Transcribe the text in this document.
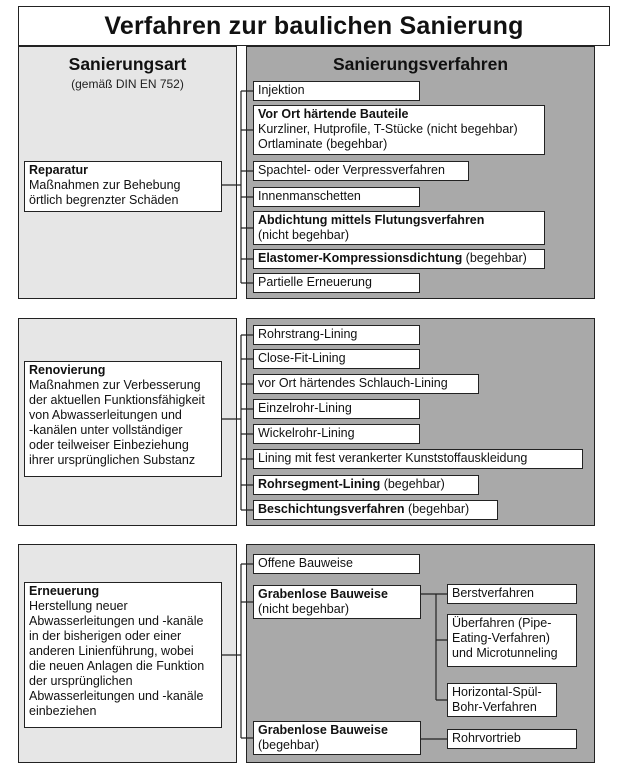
Verfahren zur baulichen Sanierung
Sanierungsart
(gemäß DIN EN 752)
Sanierungsverfahren
Reparatur
Maßnahmen zur Behebung
örtlich begrenzter Schäden
Injektion
Vor Ort härtende Bauteile
Kurzliner, Hutprofile, T-Stücke (nicht begehbar)
Ortlaminate (begehbar)
Spachtel- oder Verpressverfahren
Innenmanschetten
Abdichtung mittels Flutungsverfahren
(nicht begehbar)
Elastomer-Kompressionsdichtung (begehbar)
Partielle Erneuerung
Renovierung
Maßnahmen zur Verbesserung
der aktuellen Funktionsfähigkeit
von Abwasserleitungen und
-kanälen unter vollständiger
oder teilweiser Einbeziehung
ihrer ursprünglichen Substanz
Rohrstrang-Lining
Close-Fit-Lining
vor Ort härtendes Schlauch-Lining
Einzelrohr-Lining
Wickelrohr-Lining
Lining mit fest verankerter Kunststoffauskleidung
Rohrsegment-Lining (begehbar)
Beschichtungsverfahren (begehbar)
Erneuerung
Herstellung neuer
Abwasserleitungen und -kanäle
in der bisherigen oder einer
anderen Linienführung, wobei
die neuen Anlagen die Funktion
der ursprünglichen
Abwasserleitungen und -kanäle
einbeziehen
Offene Bauweise
Grabenlose Bauweise
(nicht begehbar)
Grabenlose Bauweise
(begehbar)
Berstverfahren
Überfahren (Pipe-
Eating-Verfahren)
und Microtunneling
Horizontal-Spül-
Bohr-Verfahren
Rohrvortrieb
